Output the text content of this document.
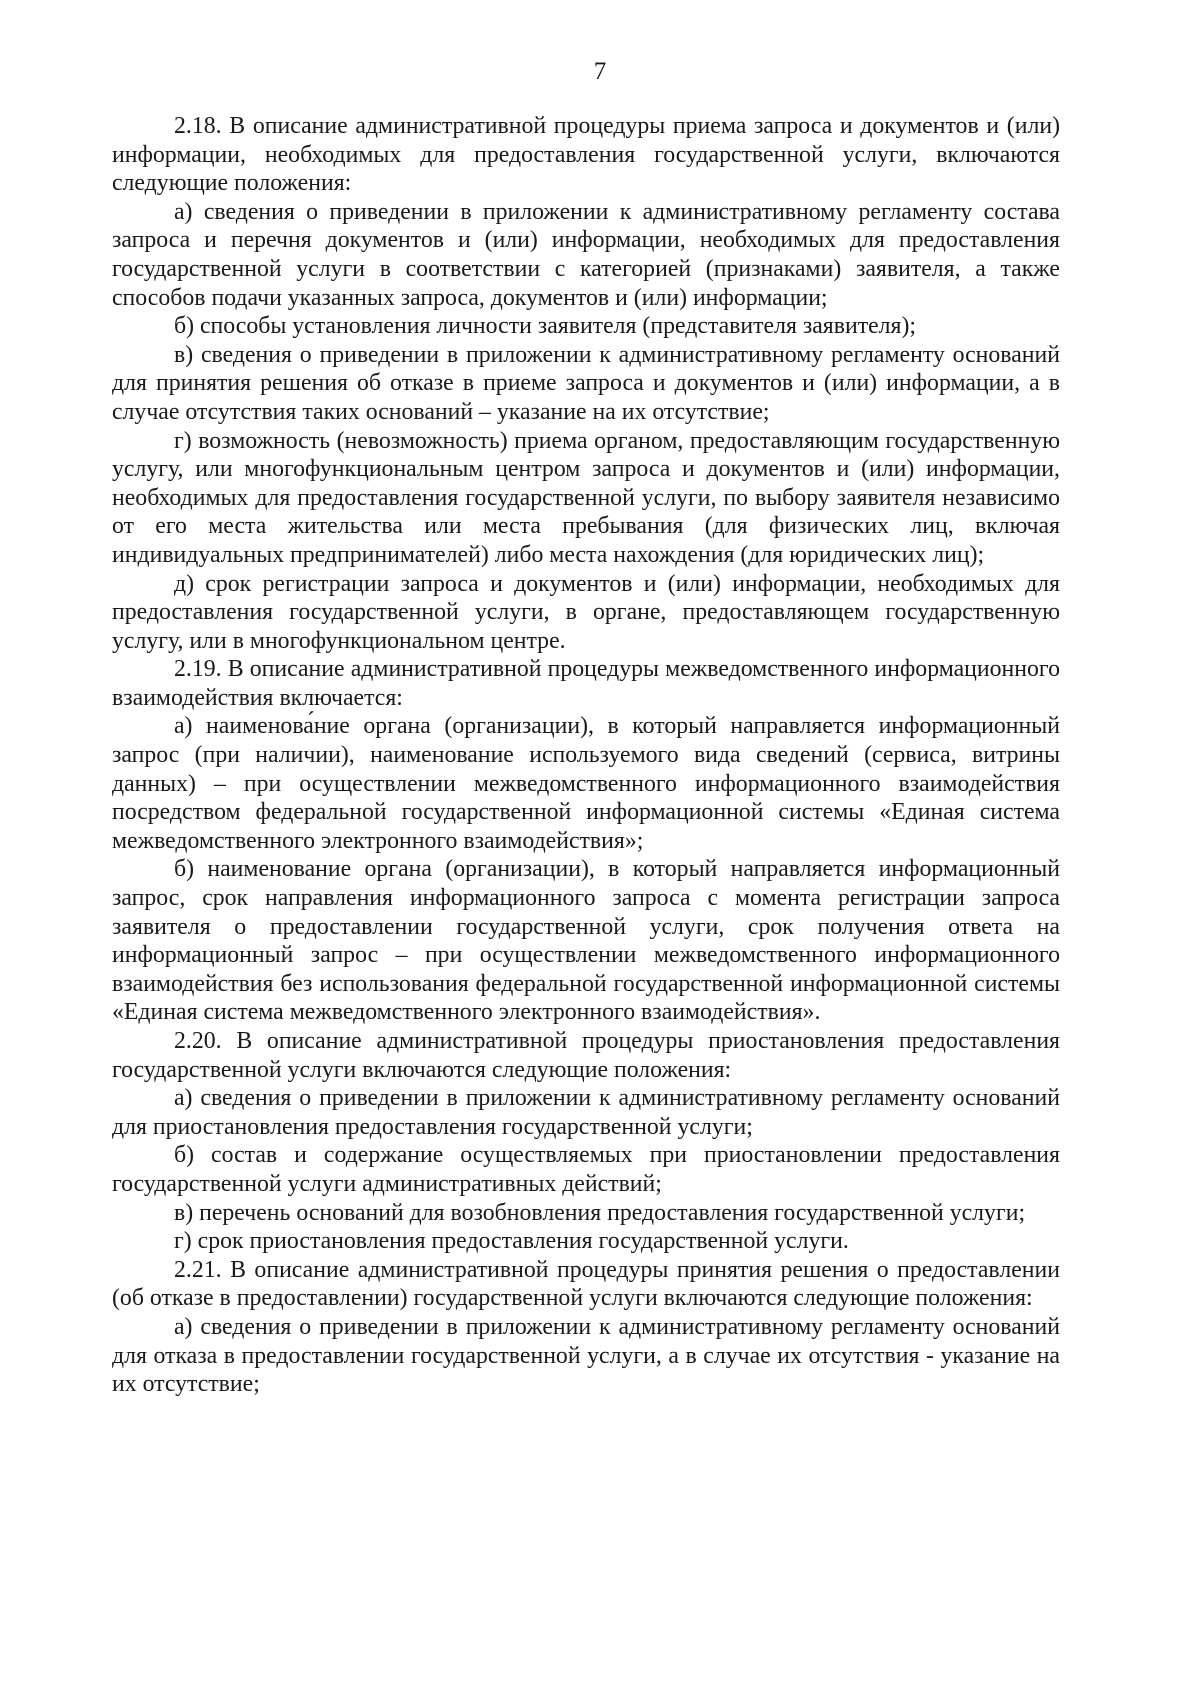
7

2.18. В описание административной процедуры приема запроса и документов и (или) информации, необходимых для предоставления государственной услуги, включаются следующие положения:

а) сведения о приведении в приложении к административному регламенту состава запроса и перечня документов и (или) информации, необходимых для предоставления государственной услуги в соответствии с категорией (признаками) заявителя, а также способов подачи указанных запроса, документов и (или) информации;

б) способы установления личности заявителя (представителя заявителя);

в) сведения о приведении в приложении к административному регламенту оснований для принятия решения об отказе в приеме запроса и документов и (или) информации, а в случае отсутствия таких оснований – указание на их отсутствие;

г) возможность (невозможность) приема органом, предоставляющим государственную услугу, или многофункциональным центром запроса и документов и (или) информации, необходимых для предоставления государственной услуги, по выбору заявителя независимо от его места жительства или места пребывания (для физических лиц, включая индивидуальных предпринимателей) либо места нахождения (для юридических лиц);

д) срок регистрации запроса и документов и (или) информации, необходимых для предоставления государственной услуги, в органе, предоставляющем государственную услугу, или в многофункциональном центре.

2.19. В описание административной процедуры межведомственного информационного взаимодействия включается:

а) наименова́ние органа (организации), в который направляется информационный запрос (при наличии), наименование используемого вида сведений (сервиса, витрины данных) – при осуществлении межведомственного информационного взаимодействия посредством федеральной государственной информационной системы «Единая система межведомственного электронного взаимодействия»;

б) наименование органа (организации), в который направляется информационный запрос, срок направления информационного запроса с момента регистрации запроса заявителя о предоставлении государственной услуги, срок получения ответа на информационный запрос – при осуществлении межведомственного информационного взаимодействия без использования федеральной государственной информационной системы «Единая система межведомственного электронного взаимодействия».

2.20. В описание административной процедуры приостановления предоставления государственной услуги включаются следующие положения:

а) сведения о приведении в приложении к административному регламенту оснований для приостановления предоставления государственной услуги;

б) состав и содержание осуществляемых при приостановлении предоставления государственной услуги административных действий;

в) перечень оснований для возобновления предоставления государственной услуги;

г) срок приостановления предоставления государственной услуги.

2.21. В описание административной процедуры принятия решения о предоставлении (об отказе в предоставлении) государственной услуги включаются следующие положения:

а) сведения о приведении в приложении к административному регламенту оснований для отказа в предоставлении государственной услуги, а в случае их отсутствия - указание на их отсутствие;
